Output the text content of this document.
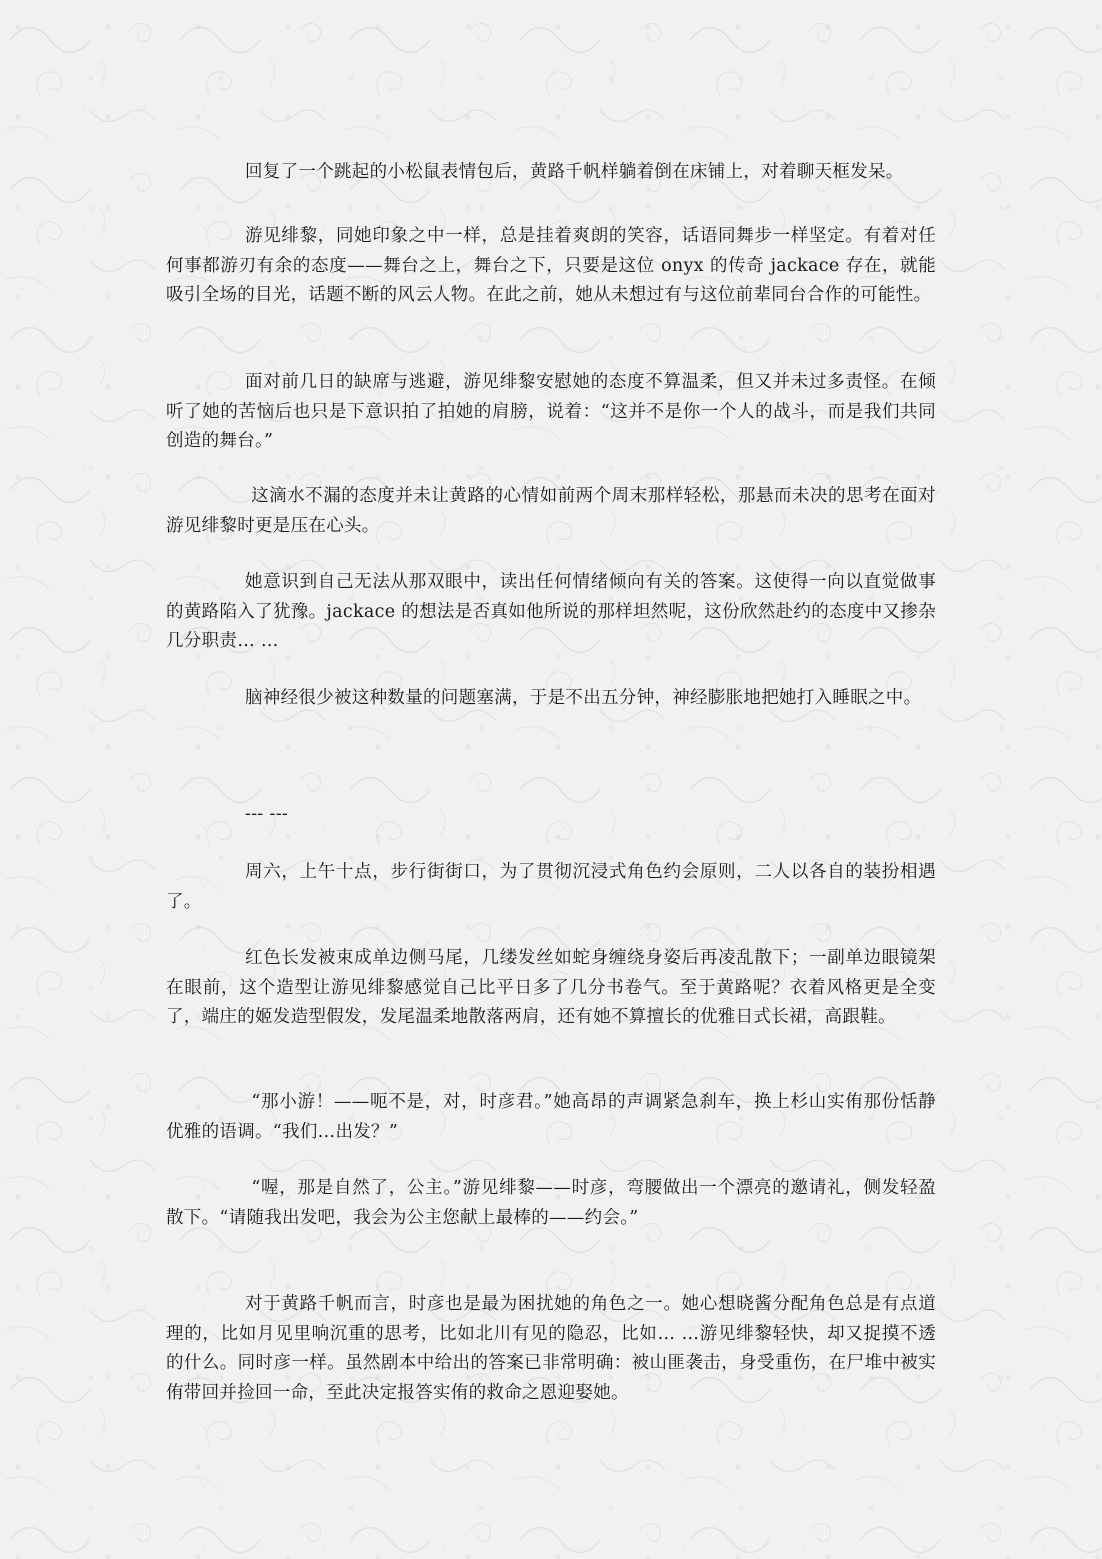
回复了一个跳起的小松鼠表情包后，黄路千帆样躺着倒在床铺上，对着聊天框发呆。

游见绯黎，同她印象之中一样，总是挂着爽朗的笑容，话语同舞步一样坚定。有着对任何事都游刃有余的态度——舞台之上，舞台之下，只要是这位 onyx 的传奇 jackace 存在，就能吸引全场的目光，话题不断的风云人物。在此之前，她从未想过有与这位前辈同台合作的可能性。

面对前几日的缺席与逃避，游见绯黎安慰她的态度不算温柔，但又并未过多责怪。在倾听了她的苦恼后也只是下意识拍了拍她的肩膀，说着：“这并不是你一个人的战斗，而是我们共同创造的舞台。”

这滴水不漏的态度并未让黄路的心情如前两个周末那样轻松，那悬而未决的思考在面对游见绯黎时更是压在心头。

她意识到自己无法从那双眼中，读出任何情绪倾向有关的答案。这使得一向以直觉做事的黄路陷入了犹豫。jackace 的想法是否真如他所说的那样坦然呢，这份欣然赴约的态度中又掺杂几分职责… …

脑神经很少被这种数量的问题塞满，于是不出五分钟，神经膨胀地把她打入睡眠之中。

--- ---

周六，上午十点，步行街街口，为了贯彻沉浸式角色约会原则，二人以各自的装扮相遇了。

红色长发被束成单边侧马尾，几缕发丝如蛇身缠绕身姿后再凌乱散下；一副单边眼镜架在眼前，这个造型让游见绯黎感觉自己比平日多了几分书卷气。至于黄路呢？衣着风格更是全变了，端庄的姬发造型假发，发尾温柔地散落两肩，还有她不算擅长的优雅日式长裙，高跟鞋。

“那小游！——呃不是，对，时彦君。”她高昂的声调紧急刹车，换上杉山实侑那份恬静优雅的语调。“我们…出发？”

“喔，那是自然了，公主。”游见绯黎——时彦，弯腰做出一个漂亮的邀请礼，侧发轻盈散下。“请随我出发吧，我会为公主您献上最棒的——约会。”

对于黄路千帆而言，时彦也是最为困扰她的角色之一。她心想晓酱分配角色总是有点道理的，比如月见里响沉重的思考，比如北川有见的隐忍，比如… …游见绯黎轻快，却又捉摸不透的什么。同时彦一样。虽然剧本中给出的答案已非常明确：被山匪袭击，身受重伤，在尸堆中被实侑带回并捡回一命，至此决定报答实侑的救命之恩迎娶她。
